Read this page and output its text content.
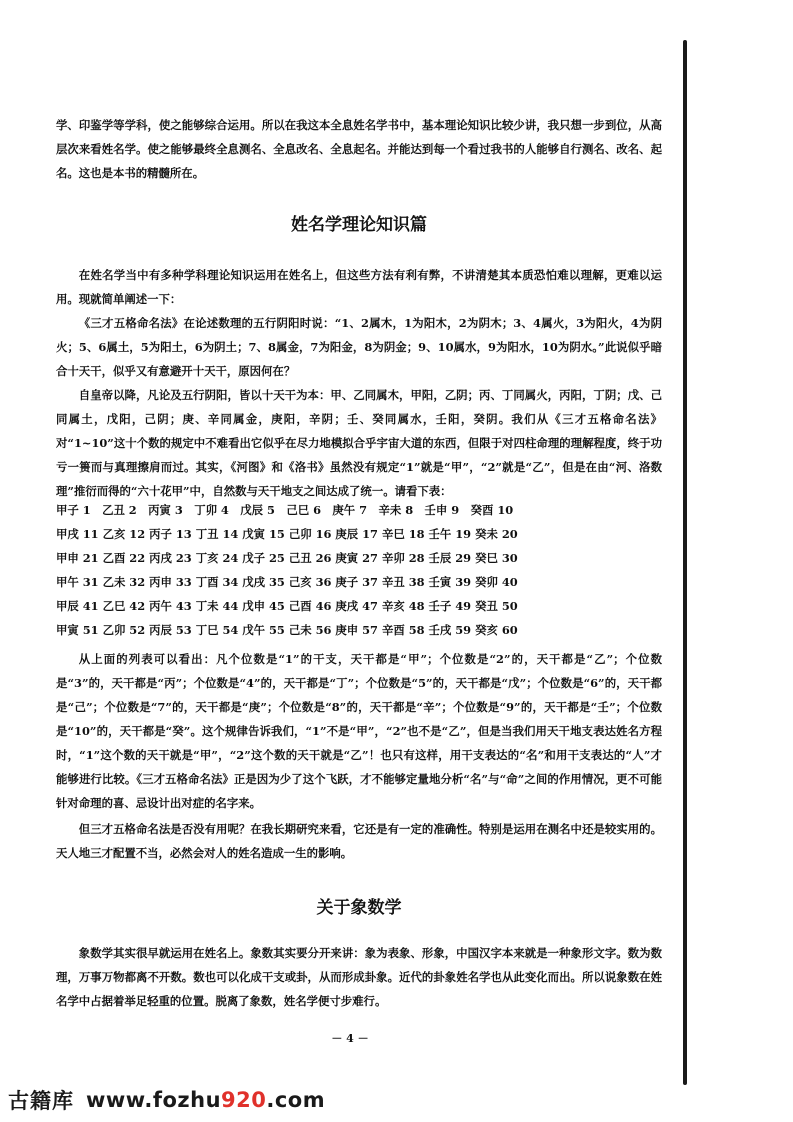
学、印鉴学等学科，使之能够综合运用。所以在我这本全息姓名学书中，基本理论知识比较少讲，我只想一步到位，从高层次来看姓名学。使之能够最终全息测名、全息改名、全息起名。并能达到每一个看过我书的人能够自行测名、改名、起名。这也是本书的精髓所在。

姓名学理论知识篇

在姓名学当中有多种学科理论知识运用在姓名上，但这些方法有利有弊，不讲清楚其本质恐怕难以理解，更难以运用。现就简单阐述一下：

《三才五格命名法》在论述数理的五行阴阳时说：“1、2属木，1为阳木，2为阴木；3、4属火，3为阳火，4为阴火；5、6属土，5为阳土，6为阴土；7、8属金，7为阳金，8为阴金；9、10属水，9为阳水，10为阴水。”此说似乎暗合十天干，似乎又有意避开十天干，原因何在？

自皇帝以降，凡论及五行阴阳，皆以十天干为本：甲、乙同属木，甲阳，乙阴；丙、丁同属火，丙阳，丁阴；戊、己同属土，戊阳，己阴；庚、辛同属金，庚阳，辛阴；壬、癸同属水，壬阳，癸阴。我们从《三才五格命名法》对“1~10”这十个数的规定中不难看出它似乎在尽力地模拟合乎宇宙大道的东西，但限于对四柱命理的理解程度，终于功亏一篑而与真理擦肩而过。其实，《河图》和《洛书》虽然没有规定“1”就是“甲”，“2”就是“乙”，但是在由“河、洛数理”推衍而得的“六十花甲”中，自然数与天干地支之间达成了统一。请看下表：

甲子 1　乙丑 2　丙寅 3　丁卯 4　戊辰 5　己巳 6　庚午 7　辛未 8　壬申 9　癸酉 10
甲戌 11 乙亥 12 丙子 13 丁丑 14 戊寅 15 己卯 16 庚辰 17 辛巳 18 壬午 19 癸未 20
甲申 21 乙酉 22 丙戌 23 丁亥 24 戊子 25 己丑 26 庚寅 27 辛卯 28 壬辰 29 癸巳 30
甲午 31 乙未 32 丙申 33 丁酉 34 戊戌 35 己亥 36 庚子 37 辛丑 38 壬寅 39 癸卯 40
甲辰 41 乙巳 42 丙午 43 丁未 44 戊申 45 己酉 46 庚戌 47 辛亥 48 壬子 49 癸丑 50
甲寅 51 乙卯 52 丙辰 53 丁巳 54 戊午 55 己未 56 庚申 57 辛酉 58 壬戌 59 癸亥 60

从上面的列表可以看出：凡个位数是“1”的干支，天干都是“甲”；个位数是“2”的，天干都是“乙”；个位数是“3”的，天干都是“丙”；个位数是“4”的，天干都是“丁”；个位数是“5”的，天干都是“戊”；个位数是“6”的，天干都是“己”；个位数是“7”的，天干都是“庚”；个位数是“8”的，天干都是“辛”；个位数是“9”的，天干都是“壬”；个位数是“10”的，天干都是“癸”。这个规律告诉我们，“1”不是“甲”，“2”也不是“乙”，但是当我们用天干地支表达姓名方程时，“1”这个数的天干就是“甲”，“2”这个数的天干就是“乙”！也只有这样，用干支表达的“名”和用干支表达的“人”才能够进行比较。《三才五格命名法》正是因为少了这个飞跃，才不能够定量地分析“名”与“命”之间的作用情况，更不可能针对命理的喜、忌设计出对症的名字来。

但三才五格命名法是否没有用呢？在我长期研究来看，它还是有一定的准确性。特别是运用在测名中还是较实用的。天人地三才配置不当，必然会对人的姓名造成一生的影响。

关于象数学

象数学其实很早就运用在姓名上。象数其实要分开来讲：象为表象、形象，中国汉字本来就是一种象形文字。数为数理，万事万物都离不开数。数也可以化成干支或卦，从而形成卦象。近代的卦象姓名学也从此变化而出。所以说象数在姓名学中占据着举足轻重的位置。脱离了象数，姓名学便寸步难行。

－ 4 －
古籍库 www.fozhu920.com
